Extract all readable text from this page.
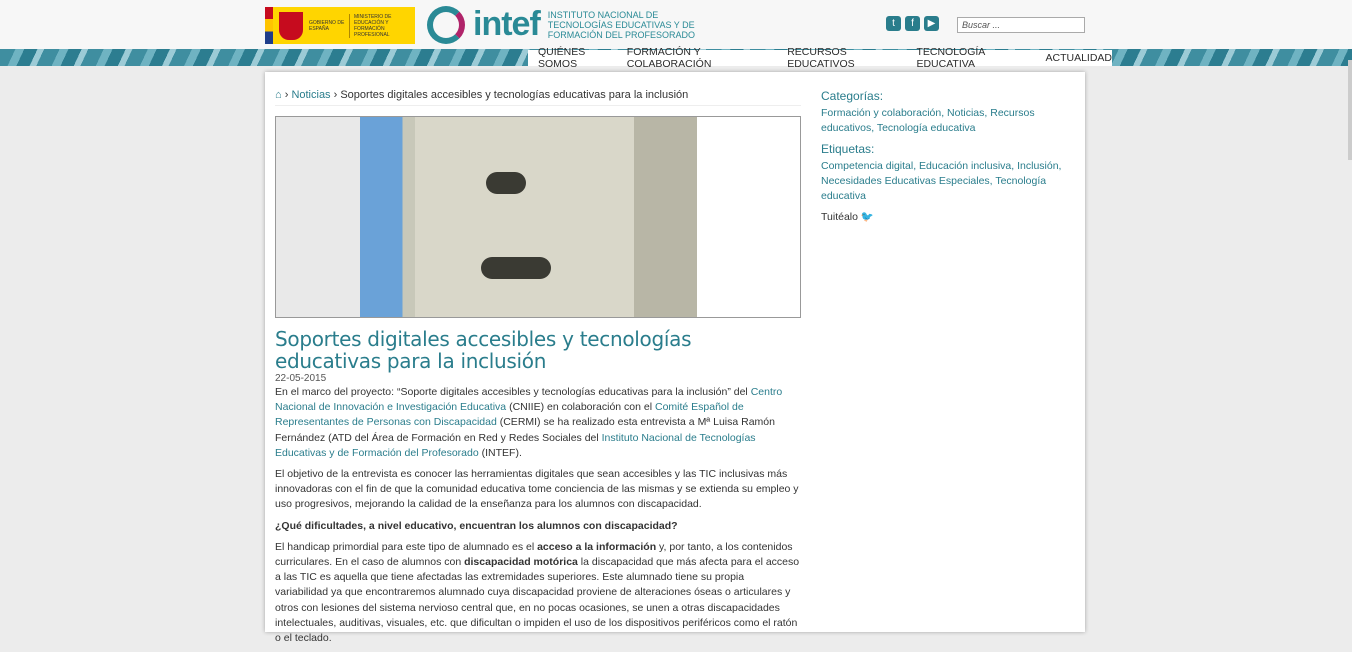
GOBIERNO DE ESPAÑA
MINISTERIO DE EDUCACIÓN Y FORMACIÓN PROFESIONAL	intef INSTITUTO NACIONAL DE
TECNOLOGÍAS EDUCATIVAS Y DE
FORMACIÓN DEL PROFESORADO
t	f	▶	Buscar ...
QUIÉNES SOMOS
FORMACIÓN Y COLABORACIÓN
RECURSOS EDUCATIVOS
TECNOLOGÍA EDUCATIVA	ACTUALIDAD
⌂ › Noticias › Soportes digitales accesibles y tecnologías educativas para la inclusión
Soportes digitales accesibles y tecnologías educativas para la inclusión
22-05-2015

En el marco del proyecto: “Soporte digitales accesibles y tecnologías educativas para la inclusión” del Centro Nacional de Innovación e Investigación Educativa (CNIIE) en colaboración con el Comité Español de Representantes de Personas con Discapacidad (CERMI) se ha realizado esta entrevista a Mª Luisa Ramón Fernández (ATD del Área de Formación en Red y Redes Sociales del Instituto Nacional de Tecnologías Educativas y de Formación del Profesorado (INTEF).

El objetivo de la entrevista es conocer las herramientas digitales que sean accesibles y las TIC inclusivas más innovadoras con el fin de que la comunidad educativa tome conciencia de las mismas y se extienda su empleo y uso progresivos, mejorando la calidad de la enseñanza para los alumnos con discapacidad.

¿Qué dificultades, a nivel educativo, encuentran los alumnos con discapacidad?

El handicap primordial para este tipo de alumnado es el acceso a la información y, por tanto, a los contenidos curriculares. En el caso de alumnos con discapacidad motórica la discapacidad que más afecta para el acceso a las TIC es aquella que tiene afectadas las extremidades superiores. Este alumnado tiene su propia variabilidad ya que encontraremos alumnado cuya discapacidad proviene de alteraciones óseas o articulares y otros con lesiones del sistema nervioso central que, en no pocas ocasiones, se unen a otras discapacidades intelectuales, auditivas, visuales, etc. que dificultan o impiden el uso de los dispositivos periféricos como el ratón o el teclado.

Categorías:
Formación y colaboración, Noticias, Recursos educativos, Tecnología educativa
Etiquetas:
Competencia digital, Educación inclusiva, Inclusión, Necesidades Educativas Especiales, Tecnología educativa
Tuitéalo 🐦
